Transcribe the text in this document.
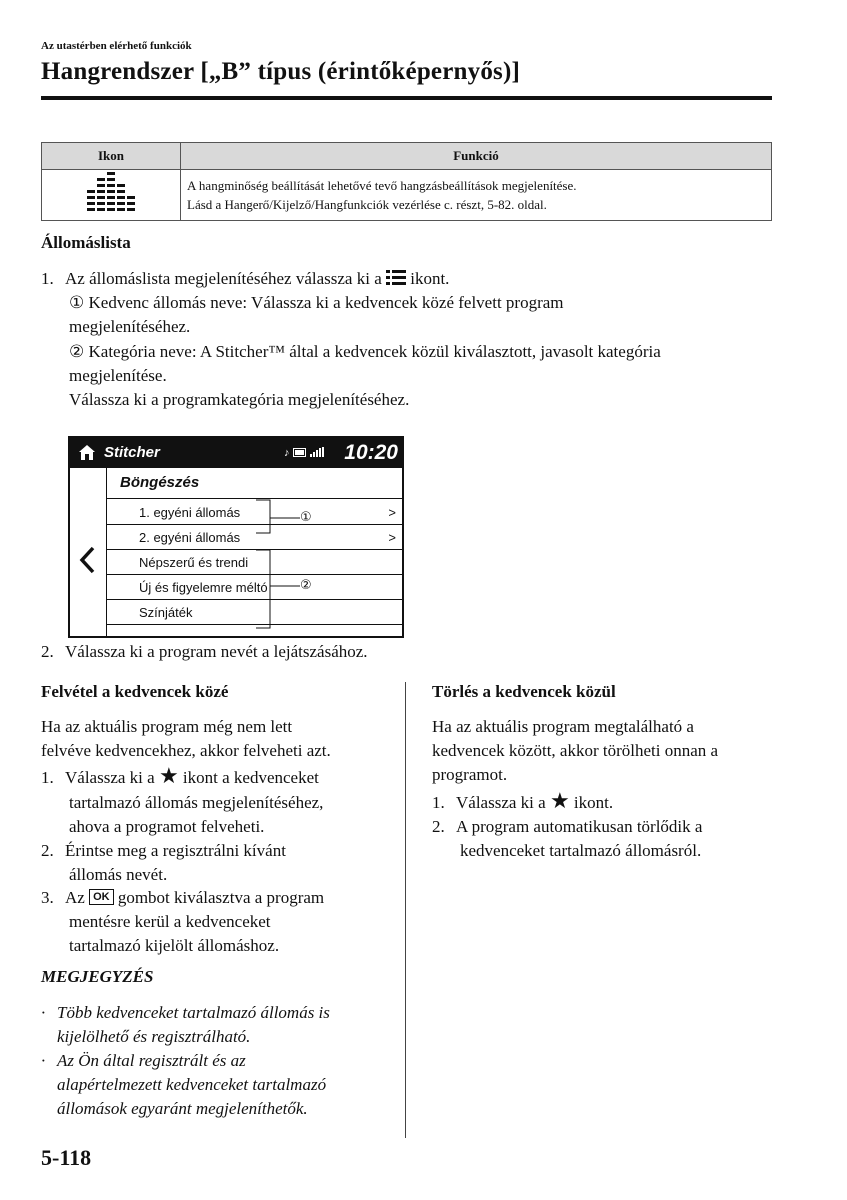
Az utastérben elérhető funkciók
Hangrendszer [„B” típus (érintőképernyős)]
Ikon	Funkció

A hangminőség beállítását lehetővé tevő hangzásbeállítások megjelenítése.
Lásd a Hangerő/Kijelző/Hangfunkciók vezérlése c. részt, 5-82. oldal.
Állomáslista
1. Az állomáslista megjelenítéséhez válassza ki a ikont.
① Kedvenc állomás neve: Válassza ki a kedvencek közé felvett program
megjelenítéséhez.
② Kategória neve: A Stitcher™ által a kedvencek közül kiválasztott, javasolt kategória
megjelenítése.
Válassza ki a programkategória megjelenítéséhez.
Stitcher	♪	10:20
Böngészés
1. egyéni állomás	>
2. egyéni állomás	>
Népszerű és trendi
Új és figyelemre méltó
Színjáték
①
②
2. Válassza ki a program nevét a lejátszásához.
Felvétel a kedvencek közé
Ha az aktuális program még nem lett
felvéve kedvencekhez, akkor felveheti azt.
1. Válassza ki a ★ ikont a kedvenceket
tartalmazó állomás megjelenítéséhez,
ahova a programot felveheti.
2. Érintse meg a regisztrálni kívánt
állomás nevét.
3. Az OK gombot kiválasztva a program
mentésre kerül a kedvenceket
tartalmazó kijelölt állomáshoz.
MEGJEGYZÉS
· Több kedvenceket tartalmazó állomás is
kijelölhető és regisztrálható.
· Az Ön által regisztrált és az
alapértelmezett kedvenceket tartalmazó
állomások egyaránt megjeleníthetők.
Törlés a kedvencek közül
Ha az aktuális program megtalálható a
kedvencek között, akkor törölheti onnan a
programot.
1. Válassza ki a ★ ikont.
2. A program automatikusan törlődik a
kedvenceket tartalmazó állomásról.
5-118
